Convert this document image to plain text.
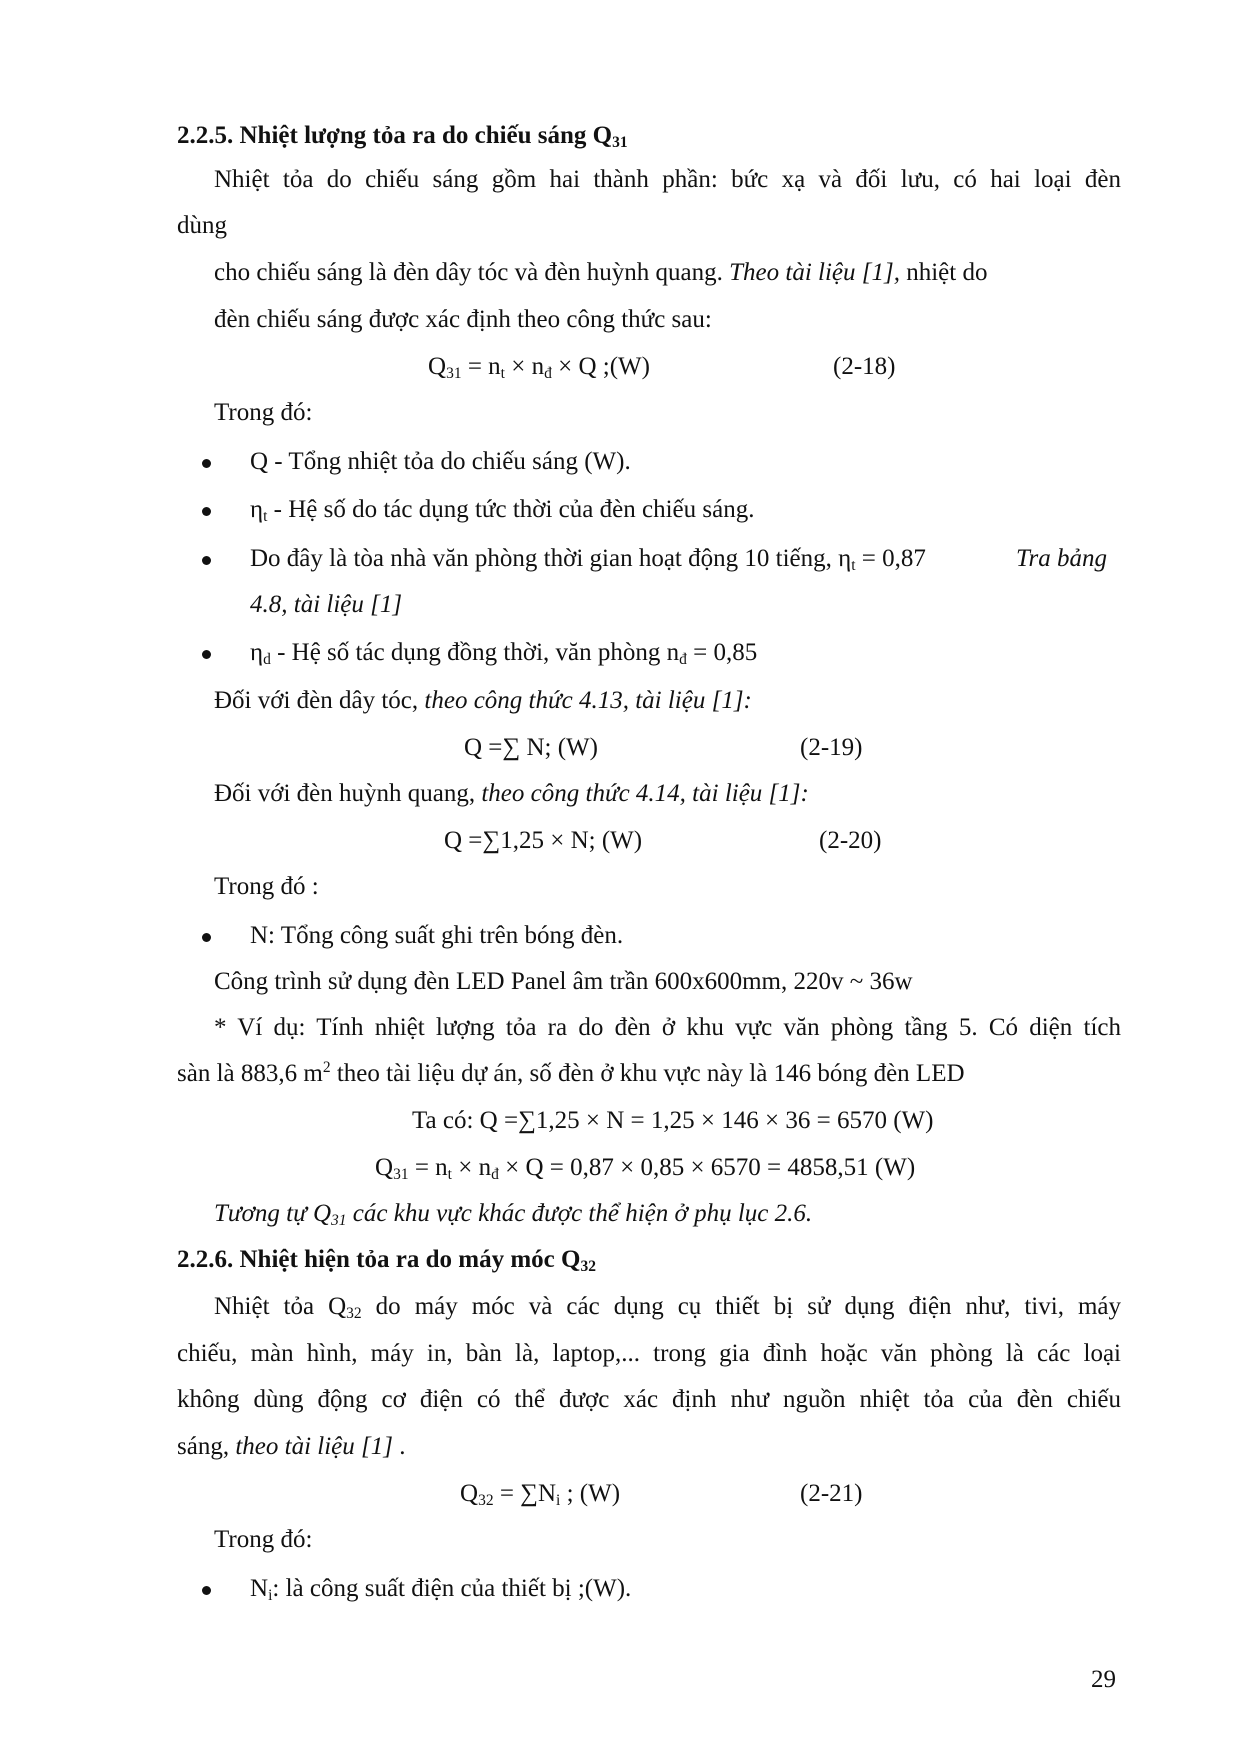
2.2.5. Nhiệt lượng tỏa ra do chiếu sáng $Q_{31}$
Nhiệt tỏa do chiếu sáng gồm hai thành phần: bức xạ và đối lưu, có hai loại đèn
dùng
cho chiếu sáng là đèn dây tóc và đèn huỳnh quang. Theo tài liệu [1], nhiệt do
đèn chiếu sáng được xác định theo công thức sau:
$Q_{31} = n_t \times n_đ \times Q$ ;(W)	(2-18)
Trong đó:
Q - Tổng nhiệt tỏa do chiếu sáng (W).
$\eta_t$ - Hệ số do tác dụng tức thời của đèn chiếu sáng.
Do đây là tòa nhà văn phòng thời gian hoạt động 10 tiếng, $\eta_t = 0,87$	Tra bảng
4.8, tài liệu [1]
$\eta_d$ - Hệ số tác dụng đồng thời, văn phòng $n_đ = 0,85$
Đối với đèn dây tóc, theo công thức 4.13, tài liệu [1]:
Q =∑ N; (W)	(2-19)
Đối với đèn huỳnh quang, theo công thức 4.14, tài liệu [1]:
Q =∑1,25 × N; (W)	(2-20)
Trong đó :
N: Tổng công suất ghi trên bóng đèn.
Công trình sử dụng đèn LED Panel âm trần 600x600mm, 220v ~ 36w
* Ví dụ: Tính nhiệt lượng tỏa ra do đèn ở khu vực văn phòng tầng 5. Có diện tích
sàn là 883,6 $m^2$ theo tài liệu dự án, số đèn ở khu vực này là 146 bóng đèn LED
Ta có: Q =∑1,25 × N = 1,25 × 146 × 36 = 6570 (W)
$Q_{31} = n_t \times n_đ \times Q = 0,87 \times 0,85 \times 6570 = 4858,51$ (W)
Tương tự $Q_{31}$ các khu vực khác được thể hiện ở phụ lục 2.6.
2.2.6. Nhiệt hiện tỏa ra do máy móc $Q_{32}$
Nhiệt tỏa $Q_{32}$ do máy móc và các dụng cụ thiết bị sử dụng điện như, tivi, máy
chiếu, màn hình, máy in, bàn là, laptop,... trong gia đình hoặc văn phòng là các loại
không dùng động cơ điện có thể được xác định như nguồn nhiệt tỏa của đèn chiếu
sáng, theo tài liệu [1] .
$Q_{32} = \sum N_i$ ; (W)	(2-21)
Trong đó:
$N_i$: là công suất điện của thiết bị ;(W).
29
